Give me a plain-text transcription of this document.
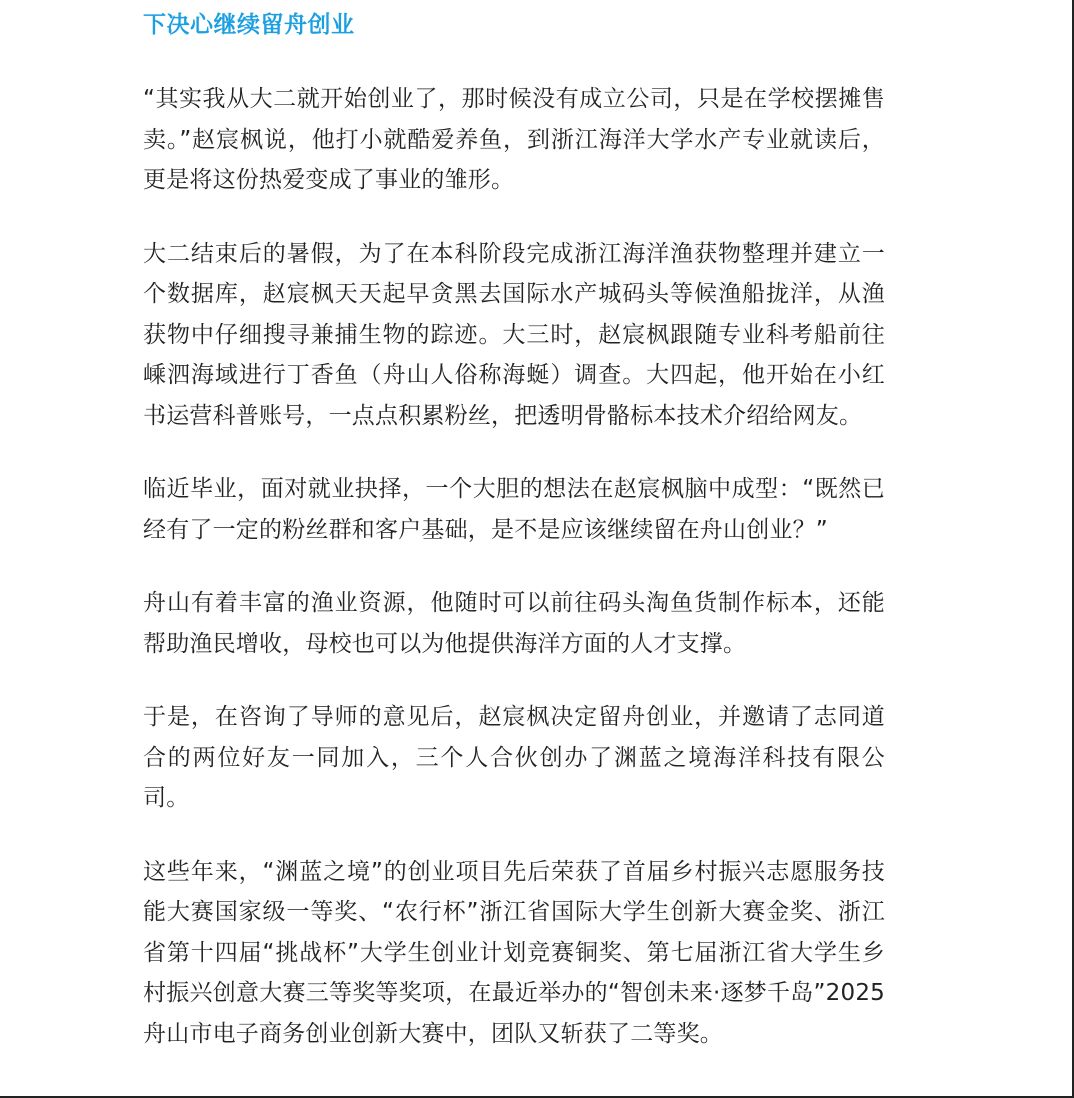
下决心继续留舟创业

“其实我从大二就开始创业了，那时候没有成立公司，只是在学校摆摊售卖。”赵宸枫说，他打小就酷爱养鱼，到浙江海洋大学水产专业就读后，更是将这份热爱变成了事业的雏形。

大二结束后的暑假，为了在本科阶段完成浙江海洋渔获物整理并建立一个数据库，赵宸枫天天起早贪黑去国际水产城码头等候渔船拢洋，从渔获物中仔细搜寻兼捕生物的踪迹。大三时，赵宸枫跟随专业科考船前往嵊泗海域进行丁香鱼（舟山人俗称海蜒）调查。大四起，他开始在小红书运营科普账号，一点点积累粉丝，把透明骨骼标本技术介绍给网友。

临近毕业，面对就业抉择，一个大胆的想法在赵宸枫脑中成型：“既然已经有了一定的粉丝群和客户基础，是不是应该继续留在舟山创业？”

舟山有着丰富的渔业资源，他随时可以前往码头淘鱼货制作标本，还能帮助渔民增收，母校也可以为他提供海洋方面的人才支撑。

于是，在咨询了导师的意见后，赵宸枫决定留舟创业，并邀请了志同道合的两位好友一同加入，三个人合伙创办了渊蓝之境海洋科技有限公司。

这些年来，“渊蓝之境”的创业项目先后荣获了首届乡村振兴志愿服务技能大赛国家级一等奖、“农行杯”浙江省国际大学生创新大赛金奖、浙江省第十四届“挑战杯”大学生创业计划竞赛铜奖、第七届浙江省大学生乡村振兴创意大赛三等奖等奖项，在最近举办的“智创未来·逐梦千岛”2025舟山市电子商务创业创新大赛中，团队又斩获了二等奖。
